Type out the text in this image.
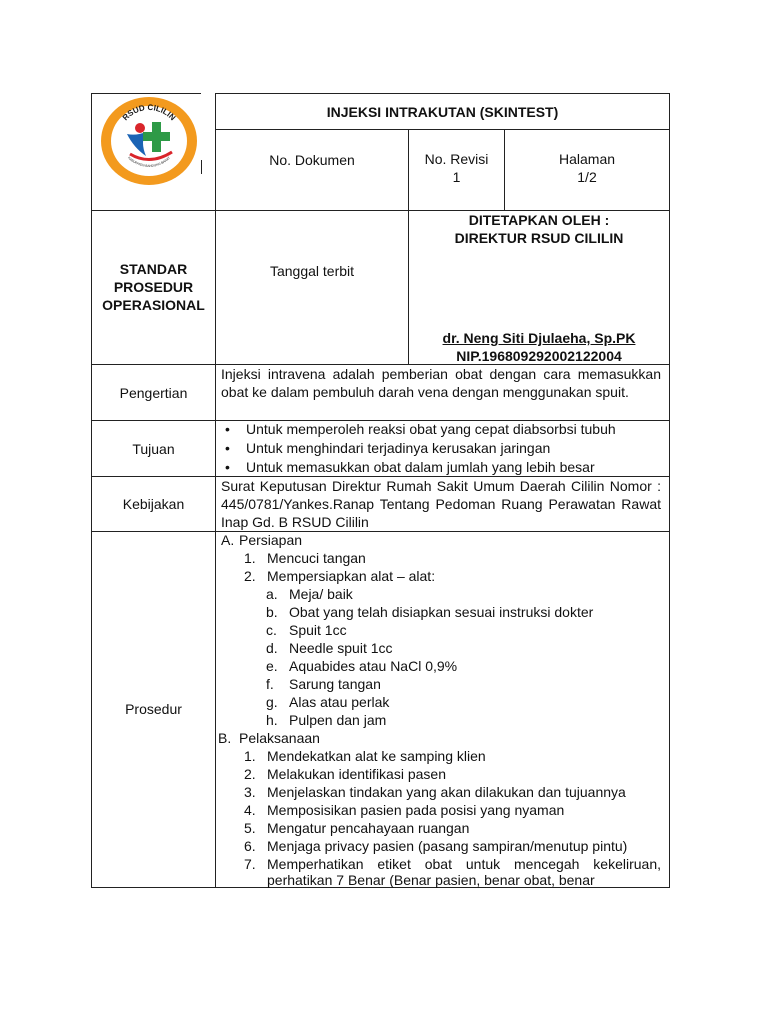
RSUD CILILIN
KABUPATEN BANDUNG BARAT
INJEKSI INTRAKUTAN (SKINTEST)
No. Dokumen	No. Revisi
1
Halaman
1/2
STANDAR
PROSEDUR
OPERASIONAL
Tanggal terbit
DITETAPKAN OLEH :
DIREKTUR RSUD CILILIN
dr. Neng Siti Djulaeha, Sp.PK
NIP.196809292002122004
Pengertian
Injeksi intravena adalah pemberian obat dengan cara memasukkan obat ke dalam pembuluh darah vena dengan menggunakan spuit.
Tujuan
• Untuk memperoleh reaksi obat yang cepat diabsorbsi tubuh
• Untuk menghindari terjadinya kerusakan jaringan
• Untuk memasukkan obat dalam jumlah yang lebih besar
Kebijakan
Surat Keputusan Direktur Rumah Sakit Umum Daerah Cililin Nomor : 445/0781/Yankes.Ranap Tentang Pedoman Ruang Perawatan Rawat Inap Gd. B RSUD Cililin
Prosedur
A. Persiapan
1. Mencuci tangan
2. Mempersiapkan alat – alat:
a. Meja/ baik
b. Obat yang telah disiapkan sesuai instruksi dokter
c. Spuit 1cc
d. Needle spuit 1cc
e. Aquabides atau NaCl 0,9%
f. Sarung tangan
g. Alas atau perlak
h. Pulpen dan jam
B. Pelaksanaan
1. Mendekatkan alat ke samping klien
2. Melakukan identifikasi pasen
3. Menjelaskan tindakan yang akan dilakukan dan tujuannya
4. Memposisikan pasien pada posisi yang nyaman
5. Mengatur pencahayaan ruangan
6. Menjaga privacy pasien (pasang sampiran/menutup pintu)
7. Memperhatikan etiket obat untuk mencegah kekeliruan,
perhatikan 7 Benar (Benar pasien, benar obat, benar
